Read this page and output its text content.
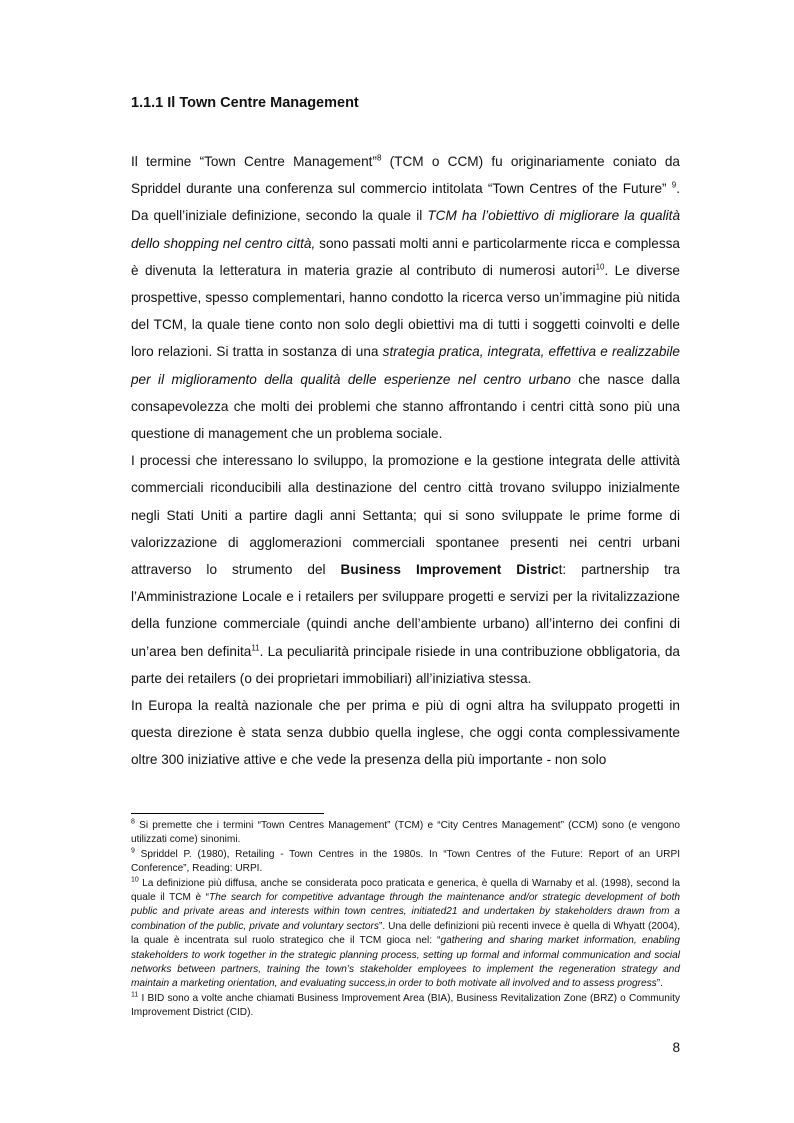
1.1.1 Il Town Centre Management

Il termine “Town Centre Management”$^8$ (TCM o CCM) fu originariamente coniato da Spriddel durante una conferenza sul commercio intitolata “Town Centres of the Future” $^9$. Da quell’iniziale definizione, secondo la quale il TCM ha l’obiettivo di migliorare la qualità dello shopping nel centro città, sono passati molti anni e particolarmente ricca e complessa è divenuta la letteratura in materia grazie al contributo di numerosi autori$^{10}$. Le diverse prospettive, spesso complementari, hanno condotto la ricerca verso un’immagine più nitida del TCM, la quale tiene conto non solo degli obiettivi ma di tutti i soggetti coinvolti e delle loro relazioni. Si tratta in sostanza di una strategia pratica, integrata, effettiva e realizzabile per il miglioramento della qualità delle esperienze nel centro urbano che nasce dalla consapevolezza che molti dei problemi che stanno affrontando i centri città sono più una questione di management che un problema sociale.

I processi che interessano lo sviluppo, la promozione e la gestione integrata delle attività commerciali riconducibili alla destinazione del centro città trovano sviluppo inizialmente negli Stati Uniti a partire dagli anni Settanta; qui si sono sviluppate le prime forme di valorizzazione di agglomerazioni commerciali spontanee presenti nei centri urbani attraverso lo strumento del Business Improvement District: partnership tra l’Amministrazione Locale e i retailers per sviluppare progetti e servizi per la rivitalizzazione della funzione commerciale (quindi anche dell’ambiente urbano) all’interno dei confini di un’area ben definita$^{11}$. La peculiarità principale risiede in una contribuzione obbligatoria, da parte dei retailers (o dei proprietari immobiliari) all’iniziativa stessa.

In Europa la realtà nazionale che per prima e più di ogni altra ha sviluppato progetti in questa direzione è stata senza dubbio quella inglese, che oggi conta complessivamente oltre 300 iniziative attive e che vede la presenza della più importante - non solo

$^8$ Si premette che i termini “Town Centres Management” (TCM) e “City Centres Management” (CCM) sono (e vengono utilizzati come) sinonimi.

$^9$ Spriddel P. (1980), Retailing - Town Centres in the 1980s. In “Town Centres of the Future: Report of an URPI Conference”, Reading: URPI.

$^{10}$ La definizione più diffusa, anche se considerata poco praticata e generica, è quella di Warnaby et al. (1998), second la quale il TCM è “The search for competitive advantage through the maintenance and/or strategic development of both public and private areas and interests within town centres, initiated21 and undertaken by stakeholders drawn from a combination of the public, private and voluntary sectors”. Una delle definizioni più recenti invece è quella di Whyatt (2004), la quale è incentrata sul ruolo strategico che il TCM gioca nel: “gathering and sharing market information, enabling stakeholders to work together in the strategic planning process, setting up formal and informal communication and social networks between partners, training the town’s stakeholder employees to implement the regeneration strategy and maintain a marketing orientation, and evaluating success,in order to both motivate all involved and to assess progress”.

$^{11}$ I BID sono a volte anche chiamati Business Improvement Area (BIA), Business Revitalization Zone (BRZ) o Community Improvement District (CID).

8
